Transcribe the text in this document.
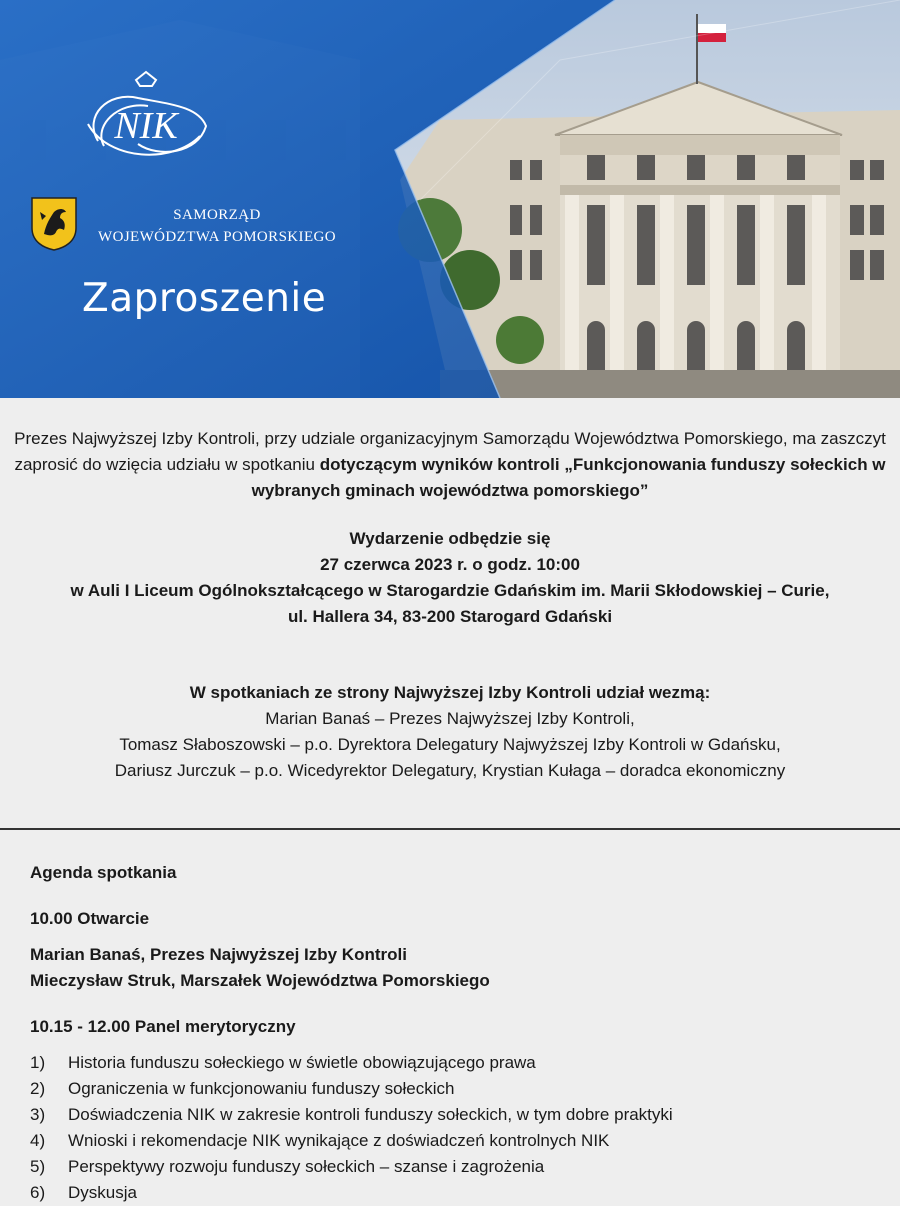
NIK
SAMORZĄD
WOJEWÓDZTWA POMORSKIEGO
Zaproszenie

Prezes Najwyższej Izby Kontroli, przy udziale organizacyjnym Samorządu Województwa Pomorskiego, ma zaszczyt zaprosić do wzięcia udziału w spotkaniu dotyczącym wyników kontroli „Funkcjonowania funduszy sołeckich w wybranych gminach województwa pomorskiego”

Wydarzenie odbędzie się

27 czerwca 2023 r. o godz. 10:00

w Auli I Liceum Ogólnokształcącego w Starogardzie Gdańskim im. Marii Skłodowskiej – Curie,

ul. Hallera 34, 83-200 Starogard Gdański

W spotkaniach ze strony Najwyższej Izby Kontroli udział wezmą:

Marian Banaś – Prezes Najwyższej Izby Kontroli,

Tomasz Słaboszowski – p.o. Dyrektora Delegatury Najwyższej Izby Kontroli w Gdańsku,

Dariusz Jurczuk – p.o. Wicedyrektor Delegatury, Krystian Kułaga – doradca ekonomiczny

Agenda spotkania

10.00 Otwarcie

Marian Banaś, Prezes Najwyższej Izby Kontroli

Mieczysław Struk, Marszałek Województwa Pomorskiego

10.15 - 12.00 Panel merytoryczny

1)	Historia funduszu sołeckiego w świetle obowiązującego prawa
2)	Ograniczenia w funkcjonowaniu funduszy sołeckich
3)	Doświadczenia NIK w zakresie kontroli funduszy sołeckich, w tym dobre praktyki
4)	Wnioski i rekomendacje NIK wynikające z doświadczeń kontrolnych NIK
5)	Perspektywy rozwoju funduszy sołeckich – szanse i zagrożenia
6)	Dyskusja
